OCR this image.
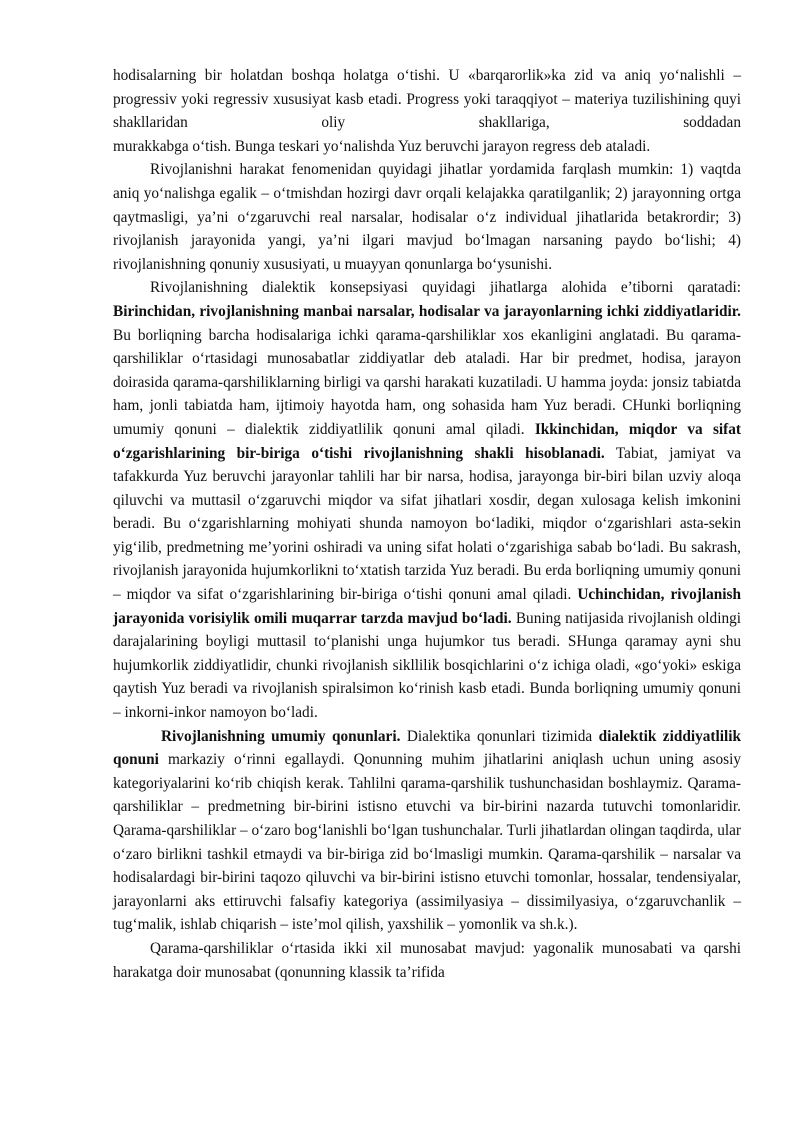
hodisalarning bir holatdan boshqa holatga o‘tishi. U «barqarorlik»ka zid va aniq yo‘nalishli – progressiv yoki regressiv xususiyat kasb etadi. Progress yoki taraqqiyot – materiya tuzilishining quyi shakllaridan oliy shakllariga, soddadan

murakkabga o‘tish. Bunga teskari yo‘nalishda Yuz beruvchi jarayon regress deb ataladi.

Rivojlanishni harakat fenomenidan quyidagi jihatlar yordamida farqlash mumkin: 1) vaqtda aniq yo‘nalishga egalik – o‘tmishdan hozirgi davr orqali kelajakka qaratilganlik; 2) jarayonning ortga qaytmasligi, ya’ni o‘zgaruvchi real narsalar, hodisalar o‘z individual jihatlarida betakrordir; 3) rivojlanish jarayonida yangi, ya’ni ilgari mavjud bo‘lmagan narsaning paydo bo‘lishi; 4) rivojlanishning qonuniy xususiyati, u muayyan qonunlarga bo‘ysunishi.

Rivojlanishning dialektik konsepsiyasi quyidagi jihatlarga alohida e’tiborni qaratadi: Birinchidan, rivojlanishning manbai narsalar, hodisalar va jarayonlarning ichki ziddiyatlaridir. Bu borliqning barcha hodisalariga ichki qarama-qarshiliklar xos ekanligini anglatadi. Bu qarama-qarshiliklar o‘rtasidagi munosabatlar ziddiyatlar deb ataladi. Har bir predmet, hodisa, jarayon doirasida qarama-qarshiliklarning birligi va qarshi harakati kuzatiladi. U hamma joyda: jonsiz tabiatda ham, jonli tabiatda ham, ijtimoiy hayotda ham, ong sohasida ham Yuz beradi. CHunki borliqning umumiy qonuni – dialektik ziddiyatlilik qonuni amal qiladi. Ikkinchidan, miqdor va sifat o‘zgarishlarining bir-biriga o‘tishi rivojlanishning shakli hisoblanadi. Tabiat, jamiyat va tafakkurda Yuz beruvchi jarayonlar tahlili har bir narsa, hodisa, jarayonga bir-biri bilan uzviy aloqa qiluvchi va muttasil o‘zgaruvchi miqdor va sifat jihatlari xosdir, degan xulosaga kelish imkonini beradi. Bu o‘zgarishlarning mohiyati shunda namoyon bo‘ladiki, miqdor o‘zgarishlari asta-sekin yig‘ilib, predmetning me’yorini oshiradi va uning sifat holati o‘zgarishiga sabab bo‘ladi. Bu sakrash, rivojlanish jarayonida hujumkorlikni to‘xtatish tarzida Yuz beradi. Bu erda borliqning umumiy qonuni – miqdor va sifat o‘zgarishlarining bir-biriga o‘tishi qonuni amal qiladi. Uchinchidan, rivojlanish jarayonida vorisiylik omili muqarrar tarzda mavjud bo‘ladi. Buning natijasida rivojlanish oldingi darajalarining boyligi muttasil to‘planishi unga hujumkor tus beradi. SHunga qaramay ayni shu hujumkorlik ziddiyatlidir, chunki rivojlanish sikllilik bosqichlarini o‘z ichiga oladi, «go‘yoki» eskiga qaytish Yuz beradi va rivojlanish spiralsimon ko‘rinish kasb etadi. Bunda borliqning umumiy qonuni – inkorni-inkor namoyon bo‘ladi.

Rivojlanishning umumiy qonunlari. Dialektika qonunlari tizimida dialektik ziddiyatlilik qonuni markaziy o‘rinni egallaydi. Qonunning muhim jihatlarini aniqlash uchun uning asosiy kategoriyalarini ko‘rib chiqish kerak. Tahlilni qarama-qarshilik tushunchasidan boshlaymiz. Qarama-qarshiliklar – predmetning bir-birini istisno etuvchi va bir-birini nazarda tutuvchi tomonlaridir. Qarama-qarshiliklar – o‘zaro bog‘lanishli bo‘lgan tushunchalar. Turli jihatlardan olingan taqdirda, ular o‘zaro birlikni tashkil etmaydi va bir-biriga zid bo‘lmasligi mumkin. Qarama-qarshilik – narsalar va hodisalardagi bir-birini taqozo qiluvchi va bir-birini istisno etuvchi tomonlar, hossalar, tendensiyalar, jarayonlarni aks ettiruvchi falsafiy kategoriya (assimilyasiya – dissimilyasiya, o‘zgaruvchanlik – tug‘malik, ishlab chiqarish – iste’mol qilish, yaxshilik – yomonlik va sh.k.).

Qarama-qarshiliklar o‘rtasida ikki xil munosabat mavjud: yagonalik munosabati va qarshi harakatga doir munosabat (qonunning klassik ta’rifida
